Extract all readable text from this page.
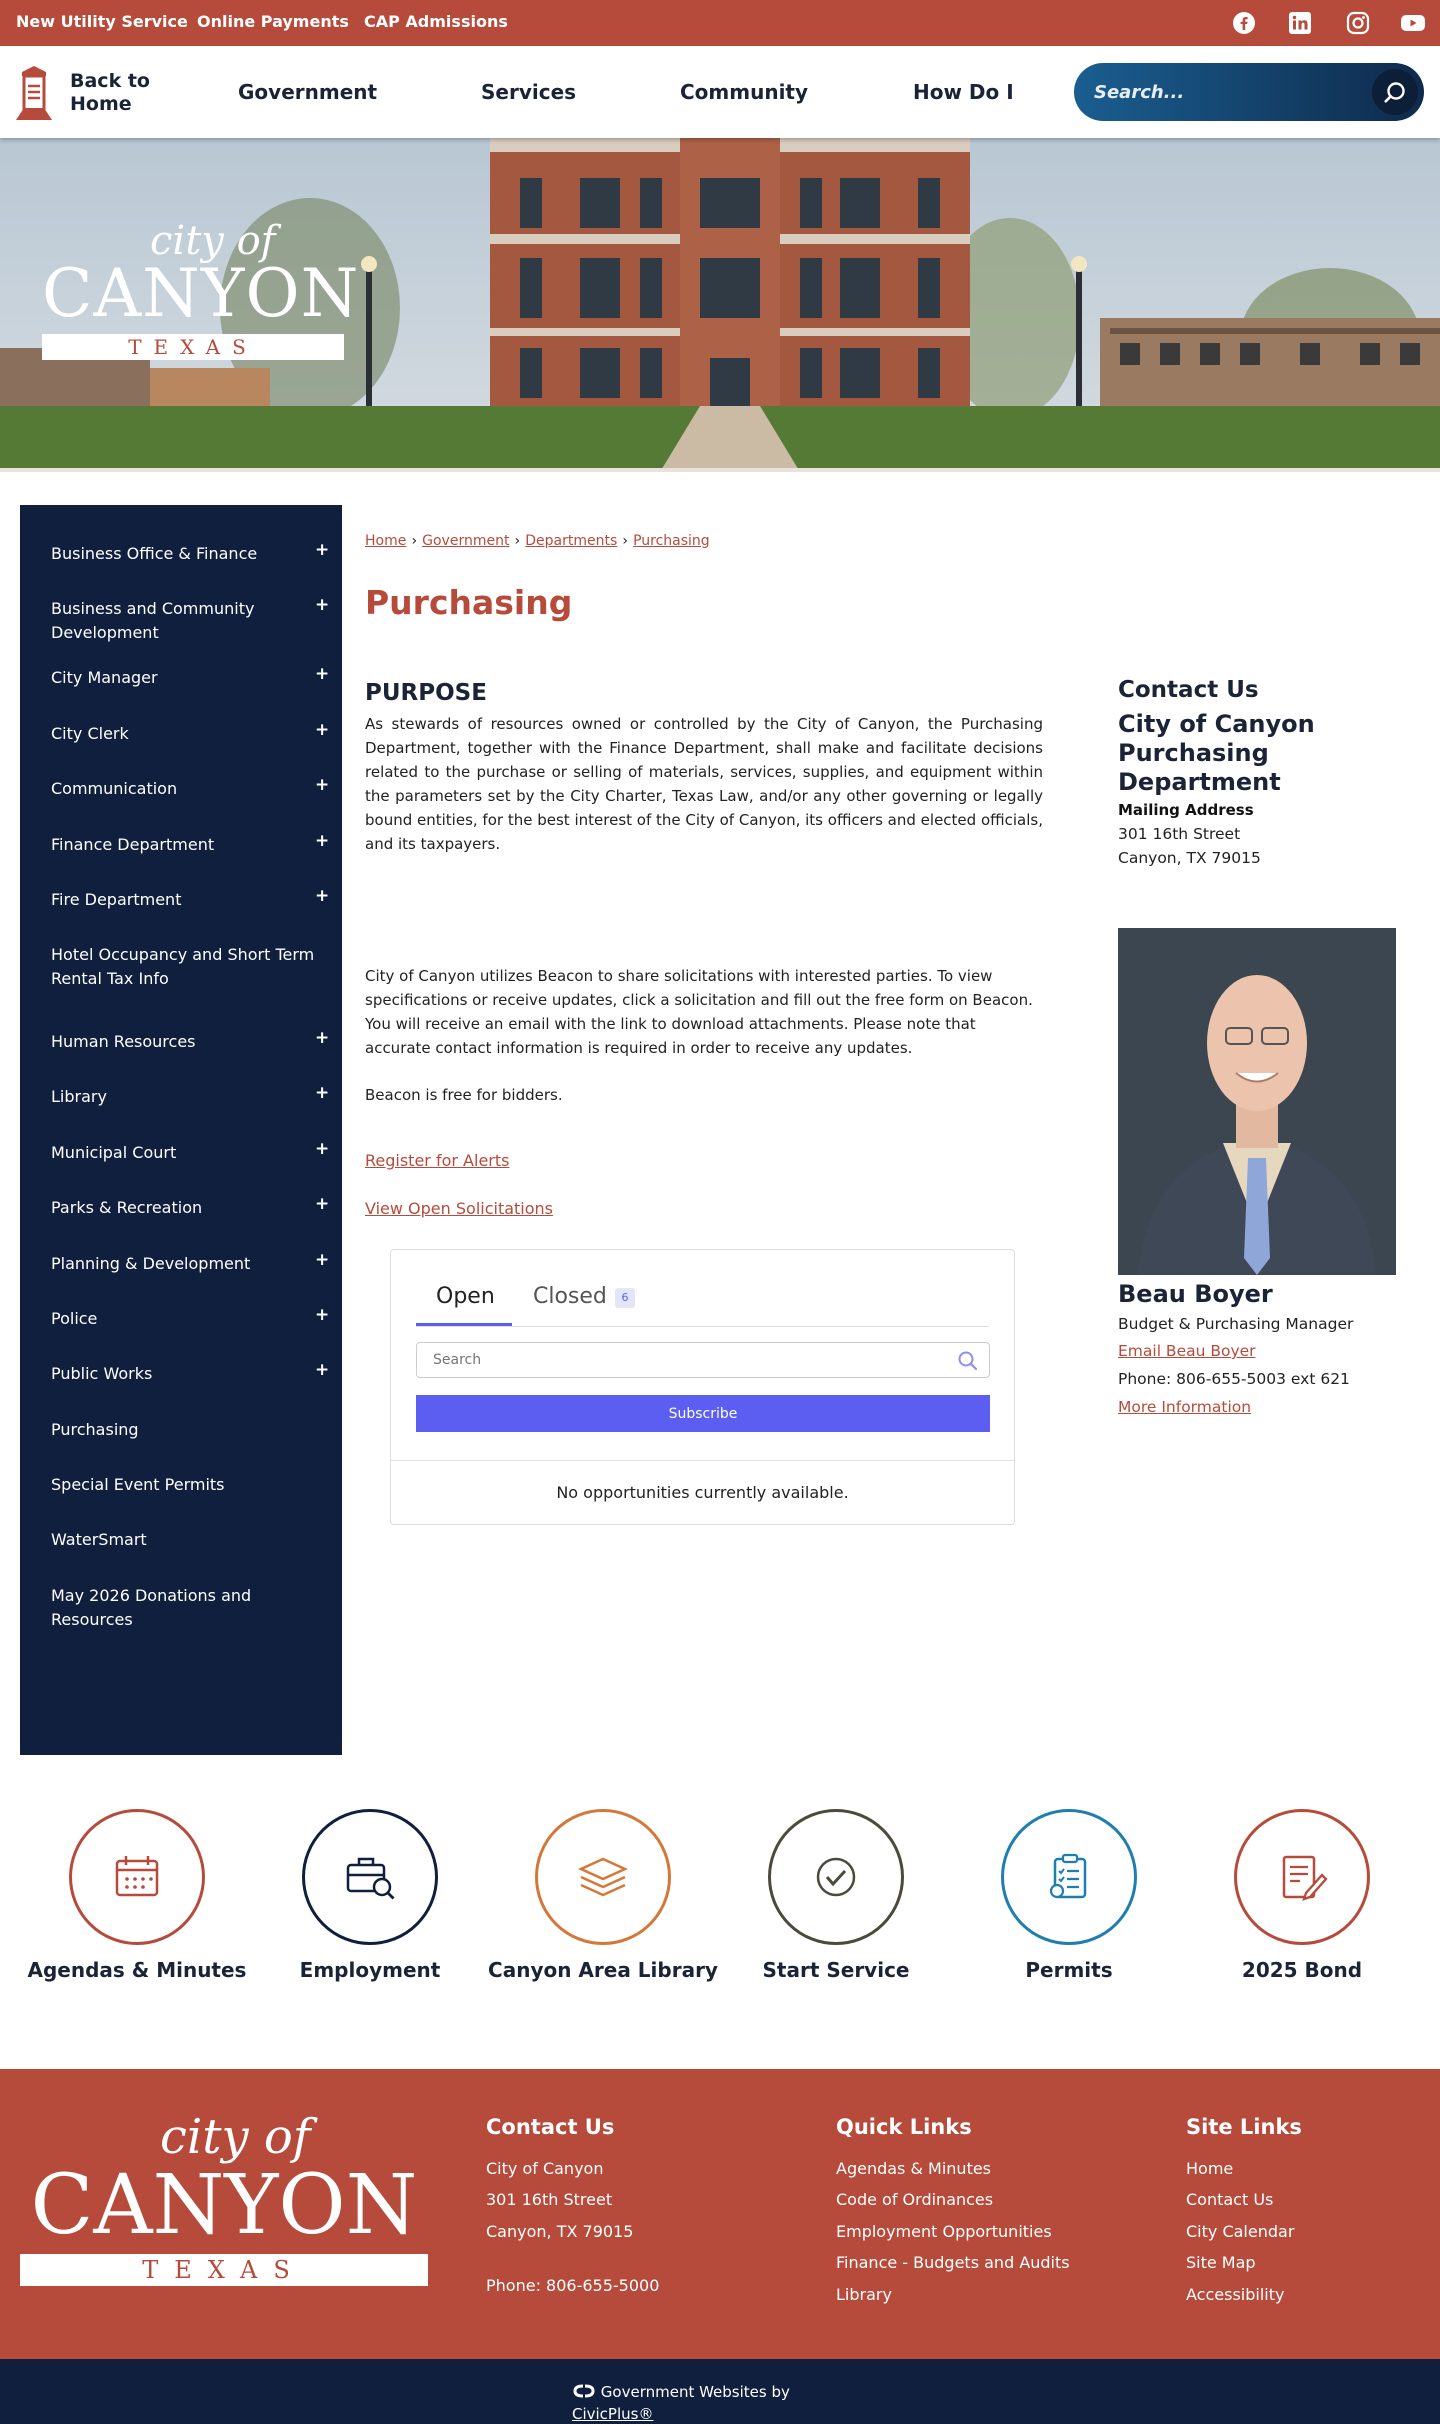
New Utility Service Online Payments CAP Admissions
Back to
Home	Government	Services	Community	How Do I
Search...
city of
CANYON
TEXAS
Business Office & Finance	+
Business and Community Development
+
City Manager	+
City Clerk	+
Communication	+
Finance Department	+
Fire Department	+
Hotel Occupancy and Short Term Rental Tax Info
Human Resources	+
Library	+
Municipal Court	+
Parks & Recreation	+
Planning & Development	+
Police	+
Public Works	+
Purchasing
Special Event Permits
WaterSmart
May 2026 Donations and Resources
Home › Government › Departments › Purchasing
Purchasing
PURPOSE

As stewards of resources owned or controlled by the City of Canyon, the Purchasing Department, together with the Finance Department, shall make and facilitate decisions related to the purchase or selling of materials, services, supplies, and equipment within the parameters set by the City Charter, Texas Law, and/or any other governing or legally bound entities, for the best interest of the City of Canyon, its officers and elected officials, and its taxpayers.

City of Canyon utilizes Beacon to share solicitations with interested parties. To view specifications or receive updates, click a solicitation and fill out the free form on Beacon. You will receive an email with the link to download attachments. Please note that accurate contact information is required in order to receive any updates.

Beacon is free for bidders.

Register for Alerts
View Open Solicitations
Open Closed	6
Search
Subscribe
No opportunities currently available.
Contact Us
City of Canyon Purchasing Department
Mailing Address
301 16th Street
Canyon, TX 79015
Beau Boyer
Budget & Purchasing Manager
Email Beau Boyer
Phone: 806-655-5003 ext 621
More Information
city of
CANYON
TEXAS
Contact Us
City of Canyon
301 16th Street
Canyon, TX 79015
Phone: 806-655-5000
Quick Links
Agendas & Minutes
Code of Ordinances
Employment Opportunities
Finance - Budgets and Audits
Library
Site Links
Home
Contact Us
City Calendar
Site Map
Accessibility
Government Websites by CivicPlus®
Agendas & Minutes	Employment	Canyon Area Library	Start Service	Permits	2025 Bond
